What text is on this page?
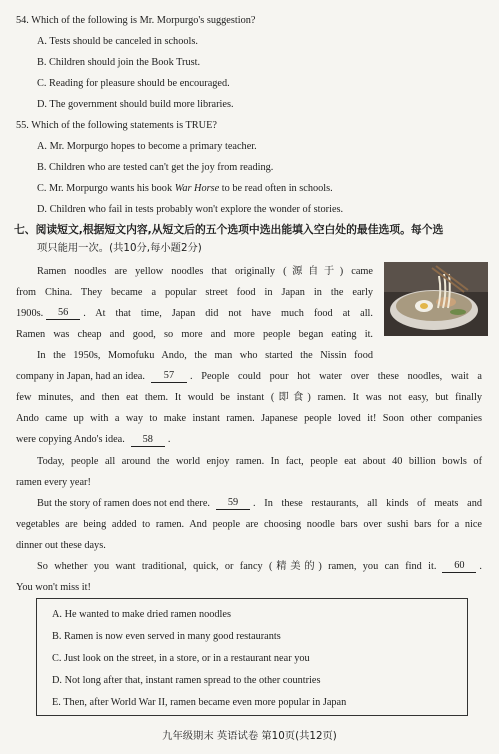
54. Which of the following is Mr. Morpurgo's suggestion?
A. Tests should be canceled in schools.
B. Children should join the Book Trust.
C. Reading for pleasure should be encouraged.
D. The government should build more libraries.
55. Which of the following statements is TRUE?
A. Mr. Morpurgo hopes to become a primary teacher.
B. Children who are tested can't get the joy from reading.
C. Mr. Morpurgo wants his book War Horse to be read often in schools.
D. Children who fail in tests probably won't explore the wonder of stories.
七、阅读短文,根据短文内容,从短文后的五个选项中选出能填入空白处的最佳选项。每个选
项只能用一次。(共10分,每小题2分)
Ramen noodles are yellow noodles that originally (源自于) came
from China. They became a popular street food in Japan in the early
1900s.	56	. At that time, Japan did not have much food at all.
Ramen was cheap and good, so more and more people began eating it.
In the 1950s, Momofuku Ando, the man who started the Nissin food
company in Japan, had an idea.	57	. People could pour hot water over these noodles, wait a
few minutes, and then eat them. It would be instant (即食) ramen. It was not easy, but finally
Ando came up with a way to make instant ramen. Japanese people loved it! Soon other companies
were copying Ando's idea. 58 .
Today, people all around the world enjoy ramen. In fact, people eat about 40 billion bowls of
ramen every year!
But the story of ramen does not end there.	59	. In these restaurants, all kinds of meats and
vegetables are being added to ramen. And people are choosing noodle bars over sushi bars for a nice
dinner out these days.
So whether you want traditional, quick, or fancy (精美的) ramen, you can find it.	60	.
You won't miss it!
A. He wanted to make dried ramen noodles
B. Ramen is now even served in many good restaurants
C. Just look on the street, in a store, or in a restaurant near you
D. Not long after that, instant ramen spread to the other countries
E. Then, after World War II, ramen became even more popular in Japan
九年级期末 英语试卷 第10页(共12页)
